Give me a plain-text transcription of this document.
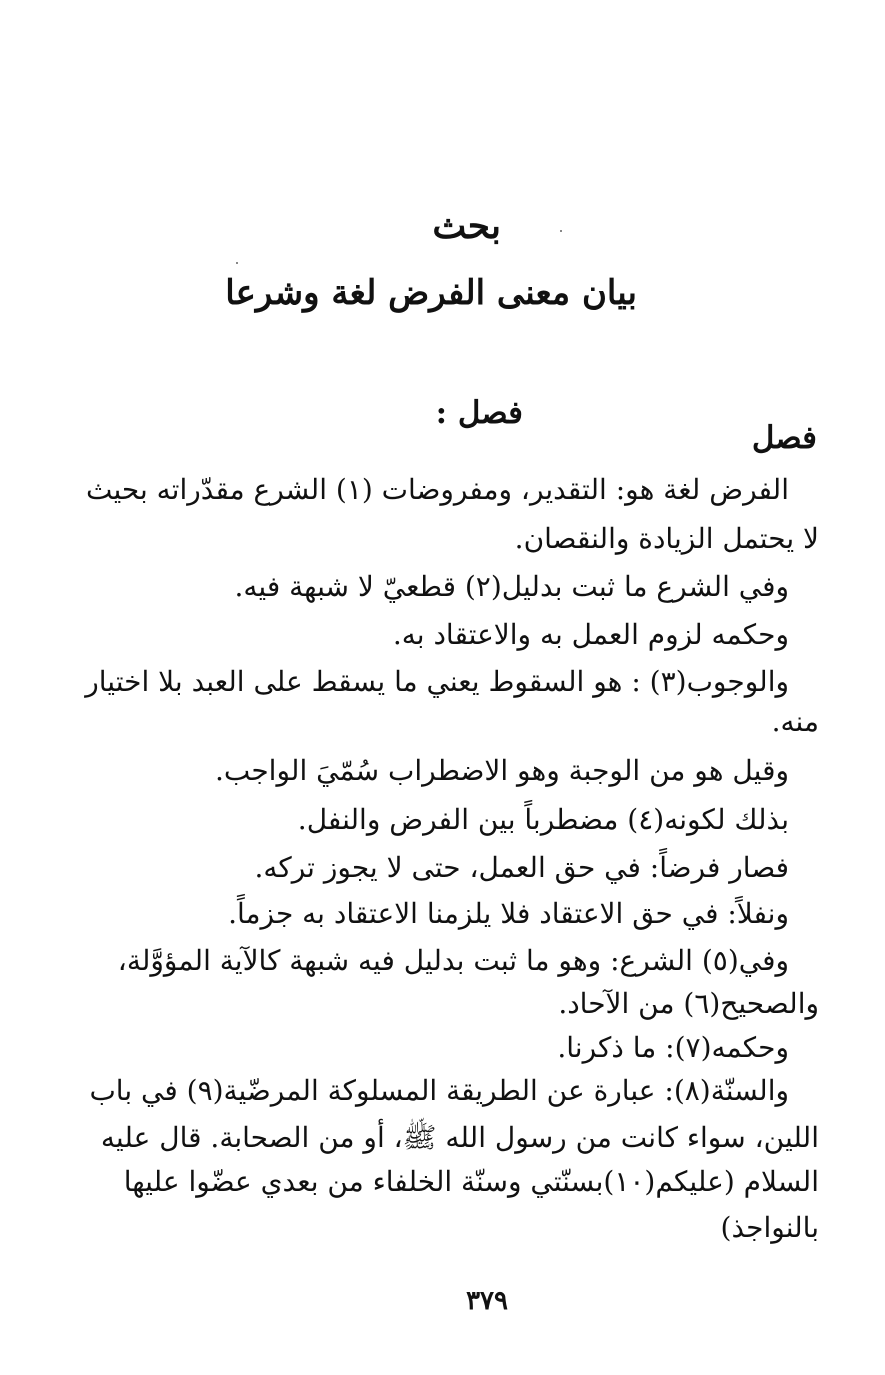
بحث
بيان معنى الفرض لغة وشرعا
فصل :
فصل
الفرض لغة هو: التقدير، ومفروضات (١) الشرع مقدّراته بحيث
لا يحتمل الزيادة والنقصان.
وفي الشرع ما ثبت بدليل(٢) قطعيّ لا شبهة فيه.
وحكمه لزوم العمل به والاعتقاد به.
والوجوب(٣) : هو السقوط يعني ما يسقط على العبد بلا اختيار
منه.
وقيل هو من الوجبة وهو الاضطراب سُمّيَ الواجب.
بذلك لكونه(٤) مضطرباً بين الفرض والنفل.
فصار فرضاً: في حق العمل، حتى لا يجوز تركه.
ونفلاً: في حق الاعتقاد فلا يلزمنا الاعتقاد به جزماً.
وفي(٥) الشرع: وهو ما ثبت بدليل فيه شبهة كالآية المؤوَّلة،
والصحيح(٦) من الآحاد.
وحكمه(٧): ما ذكرنا.
والسنّة(٨): عبارة عن الطريقة المسلوكة المرضّية(٩) في باب
اللين، سواء كانت من رسول الله ﷺ، أو من الصحابة. قال عليه
السلام (عليكم(١٠)بسنّتي وسنّة الخلفاء من بعدي عضّوا عليها
بالنواجذ)
٣٧٩
